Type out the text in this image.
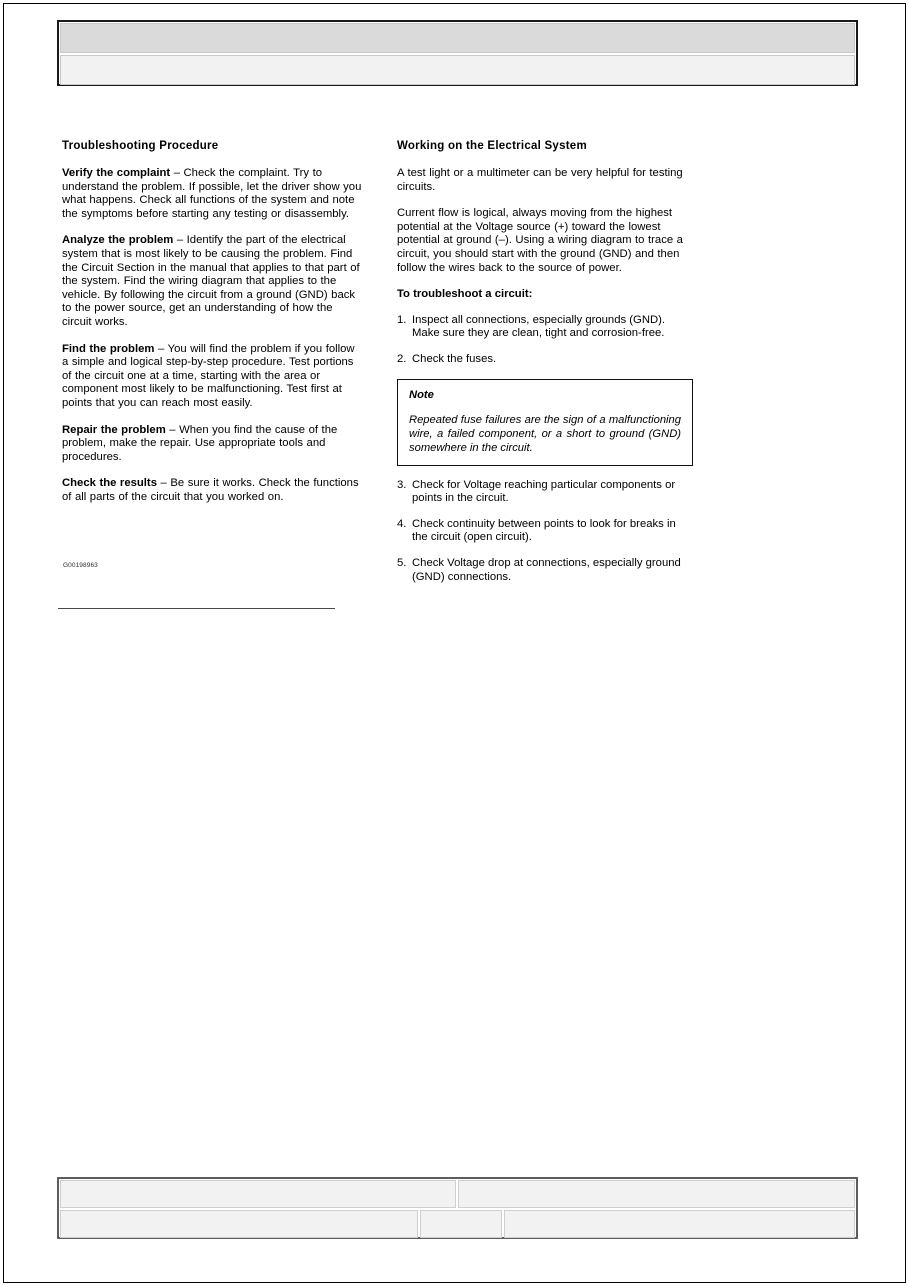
Troubleshooting Procedure

Verify the complaint – Check the complaint. Try to understand the problem. If possible, let the driver show you what happens. Check all functions of the system and note the symptoms before starting any testing or disassembly.

Analyze the problem – Identify the part of the electrical system that is most likely to be causing the problem. Find the Circuit Section in the manual that applies to that part of the system. Find the wiring diagram that applies to the vehicle. By following the circuit from a ground (GND) back to the power source, get an understanding of how the circuit works.

Find the problem – You will find the problem if you follow a simple and logical step-by-step procedure. Test portions of the circuit one at a time, starting with the area or component most likely to be malfunctioning. Test first at points that you can reach most easily.

Repair the problem – When you find the cause of the problem, make the repair. Use appropriate tools and procedures.

Check the results – Be sure it works. Check the functions of all parts of the circuit that you worked on.

Working on the Electrical System

A test light or a multimeter can be very helpful for testing circuits.

Current flow is logical, always moving from the highest potential at the Voltage source (+) toward the lowest potential at ground (–). Using a wiring diagram to trace a circuit, you should start with the ground (GND) and then follow the wires back to the source of power.

To troubleshoot a circuit:

1. Inspect all connections, especially grounds (GND). Make sure they are clean, tight and corrosion-free.
2. Check the fuses.

Note

Repeated fuse failures are the sign of a malfunctioning wire, a failed component, or a short to ground (GND) somewhere in the circuit.

3. Check for Voltage reaching particular components or points in the circuit.
4. Check continuity between points to look for breaks in the circuit (open circuit).
5. Check Voltage drop at connections, especially ground (GND) connections.
G00198963
